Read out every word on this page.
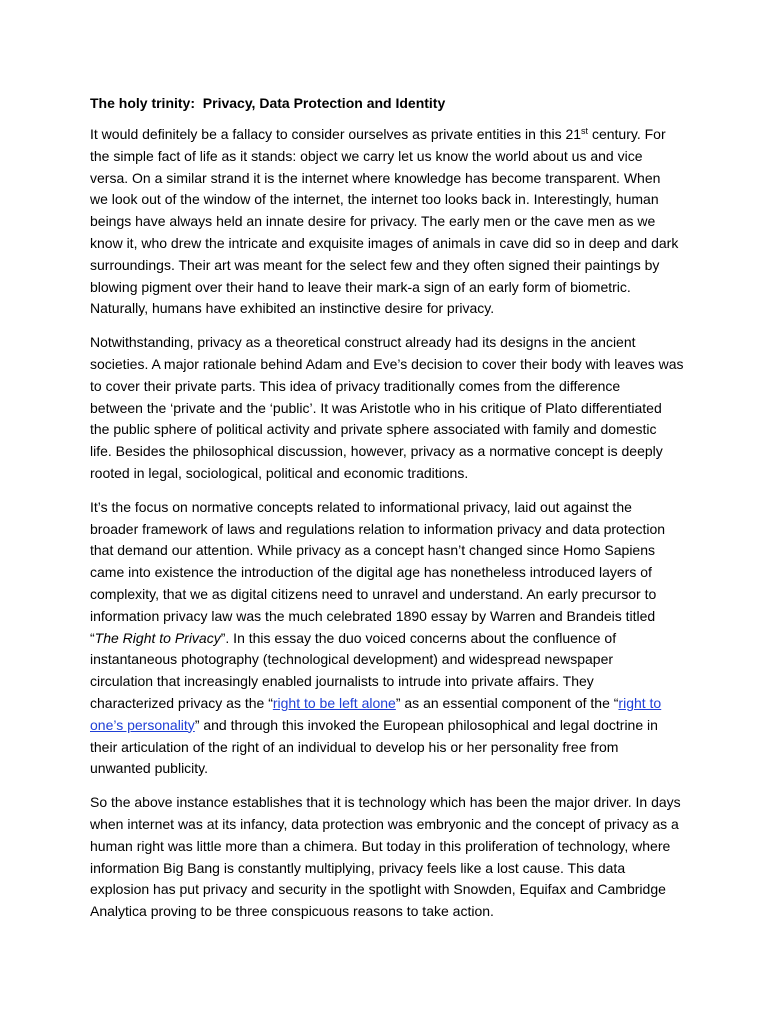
The holy trinity:  Privacy, Data Protection and Identity
It would definitely be a fallacy to consider ourselves as private entities in this 21st century. For
the simple fact of life as it stands: object we carry let us know the world about us and vice
versa. On a similar strand it is the internet where knowledge has become transparent. When
we look out of the window of the internet, the internet too looks back in. Interestingly, human
beings have always held an innate desire for privacy. The early men or the cave men as we
know it, who drew the intricate and exquisite images of animals in cave did so in deep and dark
surroundings. Their art was meant for the select few and they often signed their paintings by
blowing pigment over their hand to leave their mark-a sign of an early form of biometric.
Naturally, humans have exhibited an instinctive desire for privacy.
Notwithstanding, privacy as a theoretical construct already had its designs in the ancient
societies. A major rationale behind Adam and Eve’s decision to cover their body with leaves was
to cover their private parts. This idea of privacy traditionally comes from the difference
between the ‘private and the ‘public’. It was Aristotle who in his critique of Plato differentiated
the public sphere of political activity and private sphere associated with family and domestic
life. Besides the philosophical discussion, however, privacy as a normative concept is deeply
rooted in legal, sociological, political and economic traditions.
It’s the focus on normative concepts related to informational privacy, laid out against the
broader framework of laws and regulations relation to information privacy and data protection
that demand our attention. While privacy as a concept hasn’t changed since Homo Sapiens
came into existence the introduction of the digital age has nonetheless introduced layers of
complexity, that we as digital citizens need to unravel and understand. An early precursor to
information privacy law was the much celebrated 1890 essay by Warren and Brandeis titled
“The Right to Privacy”. In this essay the duo voiced concerns about the confluence of
instantaneous photography (technological development) and widespread newspaper
circulation that increasingly enabled journalists to intrude into private affairs. They
characterized privacy as the “right to be left alone” as an essential component of the “right to
one’s personality” and through this invoked the European philosophical and legal doctrine in
their articulation of the right of an individual to develop his or her personality free from
unwanted publicity.
So the above instance establishes that it is technology which has been the major driver. In days
when internet was at its infancy, data protection was embryonic and the concept of privacy as a
human right was little more than a chimera. But today in this proliferation of technology, where
information Big Bang is constantly multiplying, privacy feels like a lost cause. This data
explosion has put privacy and security in the spotlight with Snowden, Equifax and Cambridge
Analytica proving to be three conspicuous reasons to take action.
